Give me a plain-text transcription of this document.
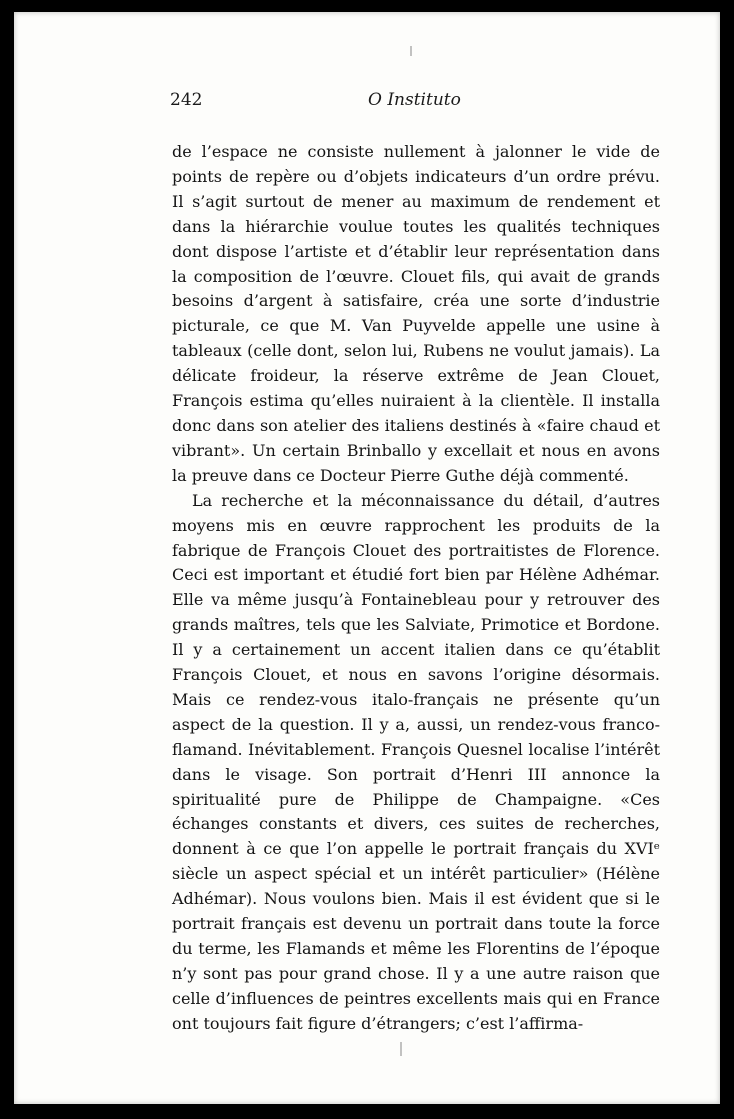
242	O Instituto

de l’espace ne consiste nullement à jalonner le vide de points de repère ou d’objets indicateurs d’un ordre prévu. Il s’agit surtout de mener au maximum de rendement et dans la hiérarchie voulue toutes les qualités techniques dont dispose l’artiste et d’établir leur représentation dans la composition de l’œuvre. Clouet fils, qui avait de grands besoins d’argent à satisfaire, créa une sorte d’industrie picturale, ce que M. Van Puyvelde appelle une usine à tableaux (celle dont, selon lui, Rubens ne voulut jamais). La délicate froideur, la réserve extrême de Jean Clouet, François estima qu’elles nuiraient à la clientèle. Il installa donc dans son atelier des italiens destinés à «faire chaud et vibrant». Un certain Brinballo y excellait et nous en avons la preuve dans ce Docteur Pierre Guthe déjà commenté.

La recherche et la méconnaissance du détail, d’autres moyens mis en œuvre rapprochent les produits de la fabrique de François Clouet des portraitistes de Florence. Ceci est important et étudié fort bien par Hélène Adhémar. Elle va même jusqu’à Fontainebleau pour y retrouver des grands maîtres, tels que les Salviate, Primotice et Bordone. Il y a certainement un accent italien dans ce qu’établit François Clouet, et nous en savons l’origine désormais. Mais ce rendez-vous italo-français ne présente qu’un aspect de la question. Il y a, aussi, un rendez-vous franco-flamand. Inévitablement. François Quesnel localise l’intérêt dans le visage. Son portrait d’Henri III annonce la spiritualité pure de Philippe de Champaigne. «Ces échanges constants et divers, ces suites de recherches, donnent à ce que l’on appelle le portrait français du XVIᵉ siècle un aspect spécial et un intérêt particulier» (Hélène Adhémar). Nous voulons bien. Mais il est évident que si le portrait français est devenu un portrait dans toute la force du terme, les Flamands et même les Florentins de l’époque n’y sont pas pour grand chose. Il y a une autre raison que celle d’influences de peintres excellents mais qui en France ont toujours fait figure d’étrangers; c’est l’affirma-
